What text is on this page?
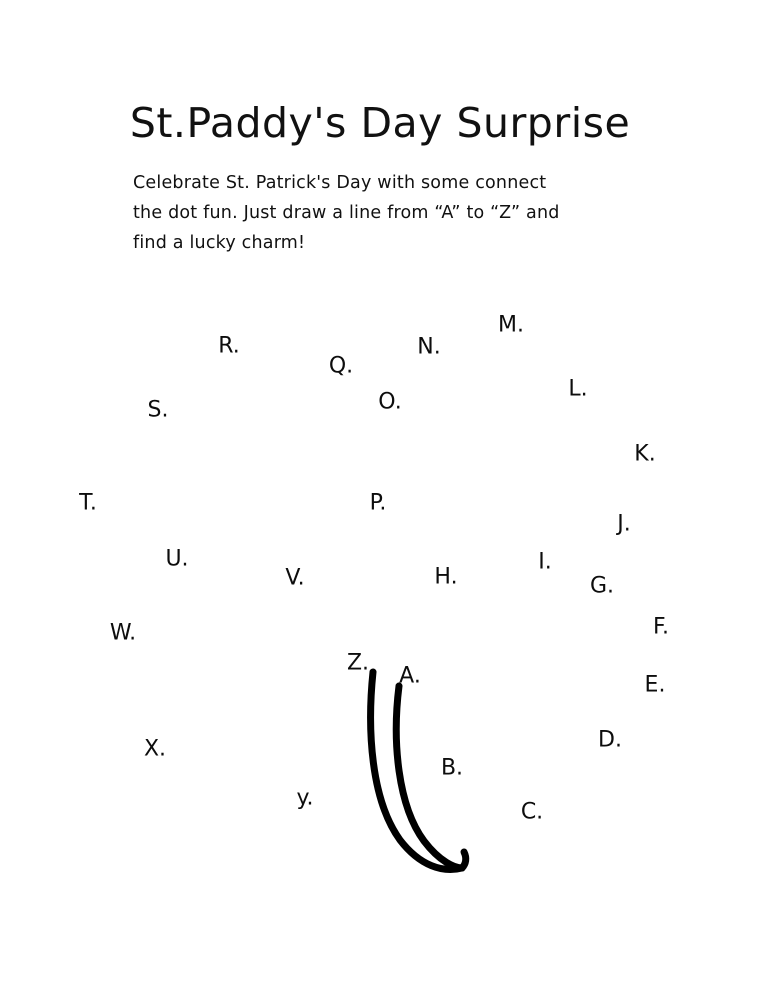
St.Paddy's Day Surprise
Celebrate St. Patrick's Day with some connect
the dot fun. Just draw a line from “A” to “Z” and
find a lucky charm!
M.
N.
R.
Q.
L.
O.
S.
K.
T.	P.
J.
U.	I.
V.	H.	G.
F.
W.
Z.
A.	E.
D.
X.
B.
y.
C.
